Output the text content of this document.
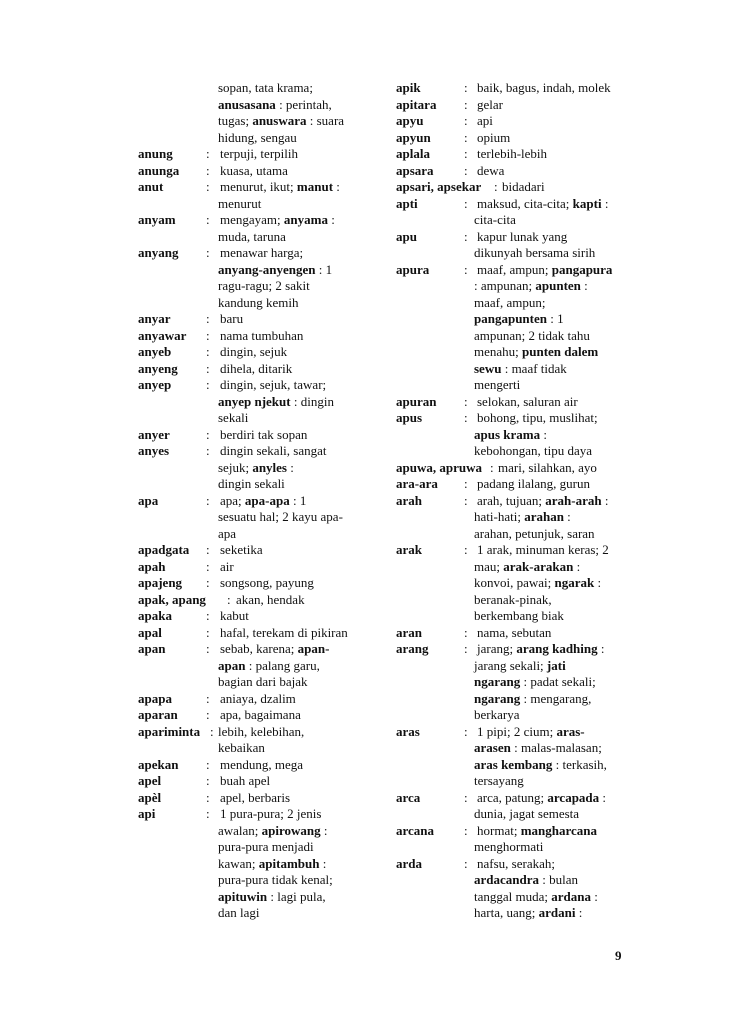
sopan, tata krama;
anusasana : perintah,
tugas; anuswara : suara
hidung, sengau
anung	: terpuji, terpilih
anunga : kuasa, utama
anut	: menurut, ikut; manut :
menurut
anyam : mengayam; anyama :
muda, taruna
anyang : menawar harga;
anyang-anyengen : 1
ragu-ragu; 2 sakit
kandung kemih
anyar	: baru
anyawar : nama tumbuhan
anyeb	: dingin, sejuk
anyeng : dihela, ditarik
anyep	: dingin, sejuk, tawar;
anyep njekut : dingin
sekali
anyer	: berdiri tak sopan
anyes	: dingin sekali, sangat
sejuk; anyles :
dingin sekali
apa	: apa; apa-apa : 1
sesuatu hal; 2 kayu apa-
apa
apadgata : seketika
apah	: air
apajeng : songsong, payung
apak, apang : akan, hendak
apaka	: kabut
apal	: hafal, terekam di pikiran
apan	: sebab, karena; apan-
apan : palang garu,
bagian dari bajak
apapa	: aniaya, dzalim
aparan : apa, bagaimana
apariminta : lebih, kelebihan,
kebaikan
apekan : mendung, mega
apel	: buah apel
apèl	: apel, berbaris
api	: 1 pura-pura; 2 jenis
awalan; apirowang :
pura-pura menjadi
kawan; apitambuh :
pura-pura tidak kenal;
apituwin : lagi pula,
dan lagi
apik	: baik, bagus, indah, molek
apitara : gelar
apyu	: api
apyun	: opium
aplala	: terlebih-lebih
apsara : dewa
apsari, apsekar : bidadari
apti	: maksud, cita-cita; kapti :
cita-cita
apu	: kapur lunak yang
dikunyah bersama sirih
apura	: maaf, ampun; pangapura
: ampunan; apunten :
maaf, ampun;
pangapunten : 1
ampunan; 2 tidak tahu
menahu; punten dalem
sewu : maaf tidak
mengerti
apuran : selokan, saluran air
apus	: bohong, tipu, muslihat;
apus krama :
kebohongan, tipu daya
apuwa, apruwa : mari, silahkan, ayo
ara-ara : padang ilalang, gurun
arah	: arah, tujuan; arah-arah :
hati-hati; arahan :
arahan, petunjuk, saran
arak	: 1 arak, minuman keras; 2
mau; arak-arakan :
konvoi, pawai; ngarak :
beranak-pinak,
berkembang biak
aran	: nama, sebutan
arang	: jarang; arang kadhing :
jarang sekali; jati
ngarang : padat sekali;
ngarang : mengarang,
berkarya
aras	: 1 pipi; 2 cium; aras-
arasen : malas-malasan;
aras kembang : terkasih,
tersayang
arca	: arca, patung; arcapada :
dunia, jagat semesta
arcana : hormat; mangharcana
menghormati
arda	: nafsu, serakah;
ardacandra : bulan
tanggal muda; ardana :
harta, uang; ardani :
9
